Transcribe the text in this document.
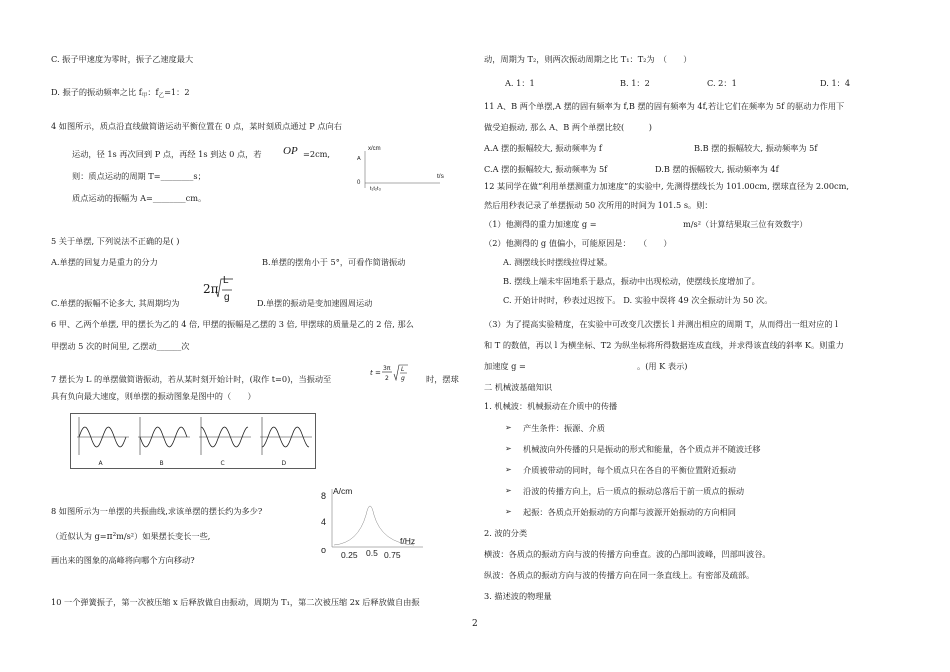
C. 振子甲速度为零时，振子乙速度最大
D. 振子的振动频率之比 $f_甲$：$f_乙=1$：2
4 如图所示，质点沿直线做简谐运动平衡位置在 0 点，某时刻质点通过 P 点向右
运动，径 1s 再次回到 P 点，再经 1s 到达 0 点，若 OP =2cm,
则：质点运动的周期 T=________s；
质点运动的振幅为 A=________cm。
x/cm
A
0
t₁t₂t₃
t/s
5 关于单摆, 下列说法不正确的是( )
A.单摆的回复力是重力的分力	B.单摆的摆角小于 5°，可看作简谐振动
2π
L
g
C.单摆的振幅不论多大, 其周期均为	D.单摆的振动是变加速圆周运动
6 甲、乙两个单摆, 甲的摆长为乙的 4 倍, 甲摆的振幅是乙摆的 3 倍, 甲摆球的质量是乙的 2 倍, 那么
甲摆动 5 次的时间里, 乙摆动______次
7 摆长为 L 的单摆做简谐振动，若从某时刻开始计时，(取作 t=0)，当振动至
t =
3π
2
L
g	时，摆球
具有负向最大速度，则单摆的振动图象是图中的（　　）
A	B	C	D
8 如图所示为一单摆的共振曲线,求该单摆的摆长约为多少?
（近似认为 $g=\pi^2m/s^2$）如果摆长变长一些,
画出来的图象的高峰将向哪个方向移动?
8 A/cm
4
f/Hz
o 0.25 0.5 0.75
10 一个弹簧振子，第一次被压缩 x 后释放做自由振动，周期为 T₁，第二次被压缩 2x 后释放做自由振
动，周期为 T₂，则两次振动周期之比 T₁：T₂为　（　　）
A. 1：1	B. 1：2	C. 2：1	D. 1：4
11 A、B 两个单摆,A 摆的固有频率为 f,B 摆的固有频率为 4f,若让它们在频率为 5f 的驱动力作用下
做受迫振动, 那么 A、B 两个单摆比较(　　　)
A.A 摆的振幅较大, 振动频率为 f	B.B 摆的振幅较大, 振动频率为 5f
C.A 摆的振幅较大, 振动频率为 5f	D.B 摆的振幅较大, 振动频率为 4f
12 某同学在做“利用单摆测重力加速度”的实验中, 先测得摆线长为 101.00cm, 摆球直径为 2.00cm,
然后用秒表记录了单摆振动 50 次所用的时间为 101.5 s。则：
（1）他测得的重力加速度 g =	m/s²（计算结果取三位有效数字）
（2）他测得的 g 值偏小，可能原因是：　　（　　）
A. 测摆线长时摆线拉得过紧。
B. 摆线上端未牢固地系于悬点，振动中出现松动，使摆线长度增加了。
C. 开始计时时，秒表过迟按下。 D. 实验中误将 49 次全振动计为 50 次。
（3）为了提高实验精度，在实验中可改变几次摆长 l 并测出相应的周期 T，从而得出一组对应的 l
和 T 的数值，再以 l 为横坐标、T2 为纵坐标将所得数据连成直线，并求得该直线的斜率 K。则重力
加速度 g =	。(用 K 表示)
二 机械波基础知识
1. 机械波：机械振动在介质中的传播
➢ 产生条件：振源、介质
➢ 机械波向外传播的只是振动的形式和能量，各个质点并不随波迁移
➢ 介质被带动的同时，每个质点只在各自的平衡位置附近振动
➢ 沿波的传播方向上，后一质点的振动总落后于前一质点的振动
➢ 起振：各质点开始振动的方向都与波源开始振动的方向相同
2. 波的分类
横波：各质点的振动方向与波的传播方向垂直。波的凸部叫波峰，凹部叫波谷。
纵波：各质点的振动方向与波的传播方向在同一条直线上。有密部及疏部。
3. 描述波的物理量
2
